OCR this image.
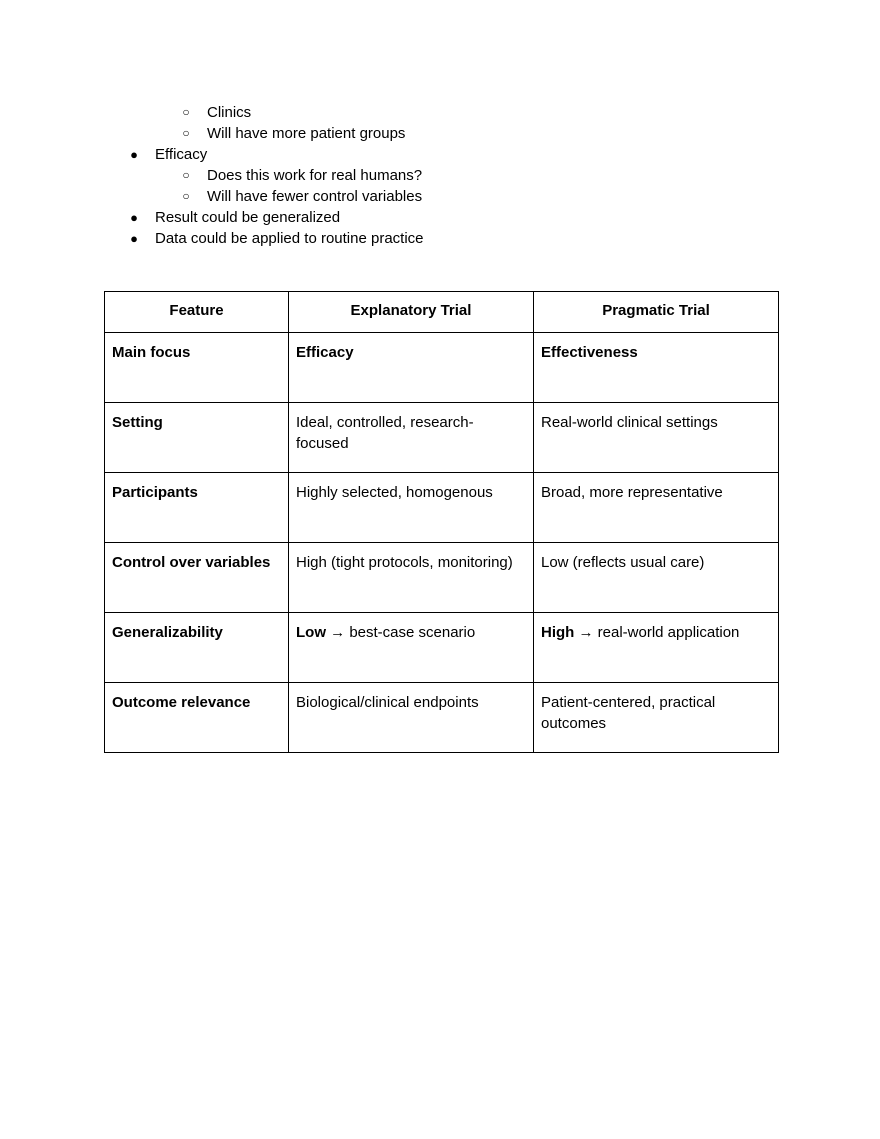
○	Clinics
○	Will have more patient groups
●	Efficacy
○	Does this work for real humans?
○	Will have fewer control variables
●	Result could be generalized
●	Data could be applied to routine practice
Feature	Explanatory Trial	Pragmatic Trial
Main focus	Efficacy	Effectiveness
Setting	Ideal, controlled, research-focused	Real-world clinical settings
Participants	Highly selected, homogenous	Broad, more representative
Control over variables	High (tight protocols, monitoring)	Low (reflects usual care)
Generalizability	Low → best-case scenario	High → real-world application
Outcome relevance	Biological/clinical endpoints	Patient-centered, practical outcomes
